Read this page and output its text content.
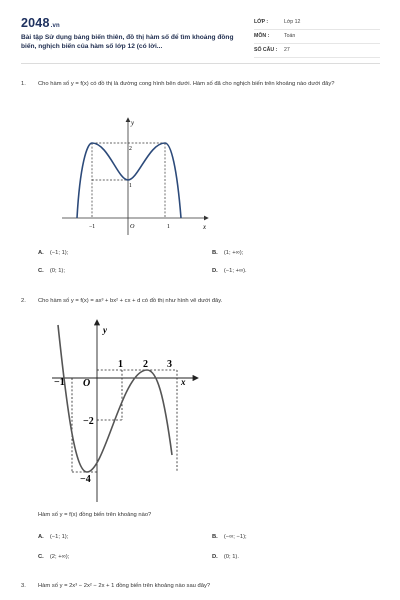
2048.vn
Bài tập Sử dụng bảng biến thiên, đồ thị hàm số để tìm khoảng đồng biến, nghịch biến của hàm số lớp 12 (có lời...
LỚP :	Lớp 12
MÔN :	Toán
SỐ CÂU : 27
1. Cho hàm số y = f(x) có đồ thị là đường cong hình bên dưới. Hàm số đã cho nghịch biến trên khoảng nào dưới đây?
y
x
O
2
1
−1	1
A. (−1; 1);	B. (1; +∞);
C. (0; 1);	D. (−1; +∞).
2. Cho hàm số y = f(x) = ax³ + bx² + cx + d có đồ thị như hình vẽ dưới đây.
y
x
O
−1
1 2 3
−2
−4
Hàm số y = f(x) đồng biến trên khoảng nào?
A. (−1; 1);	B. (−∞; −1);
C. (2; +∞);	D. (0; 1).
3. Hàm số y = 2x³ − 2x² − 2x + 1 đồng biến trên khoảng nào sau đây?
